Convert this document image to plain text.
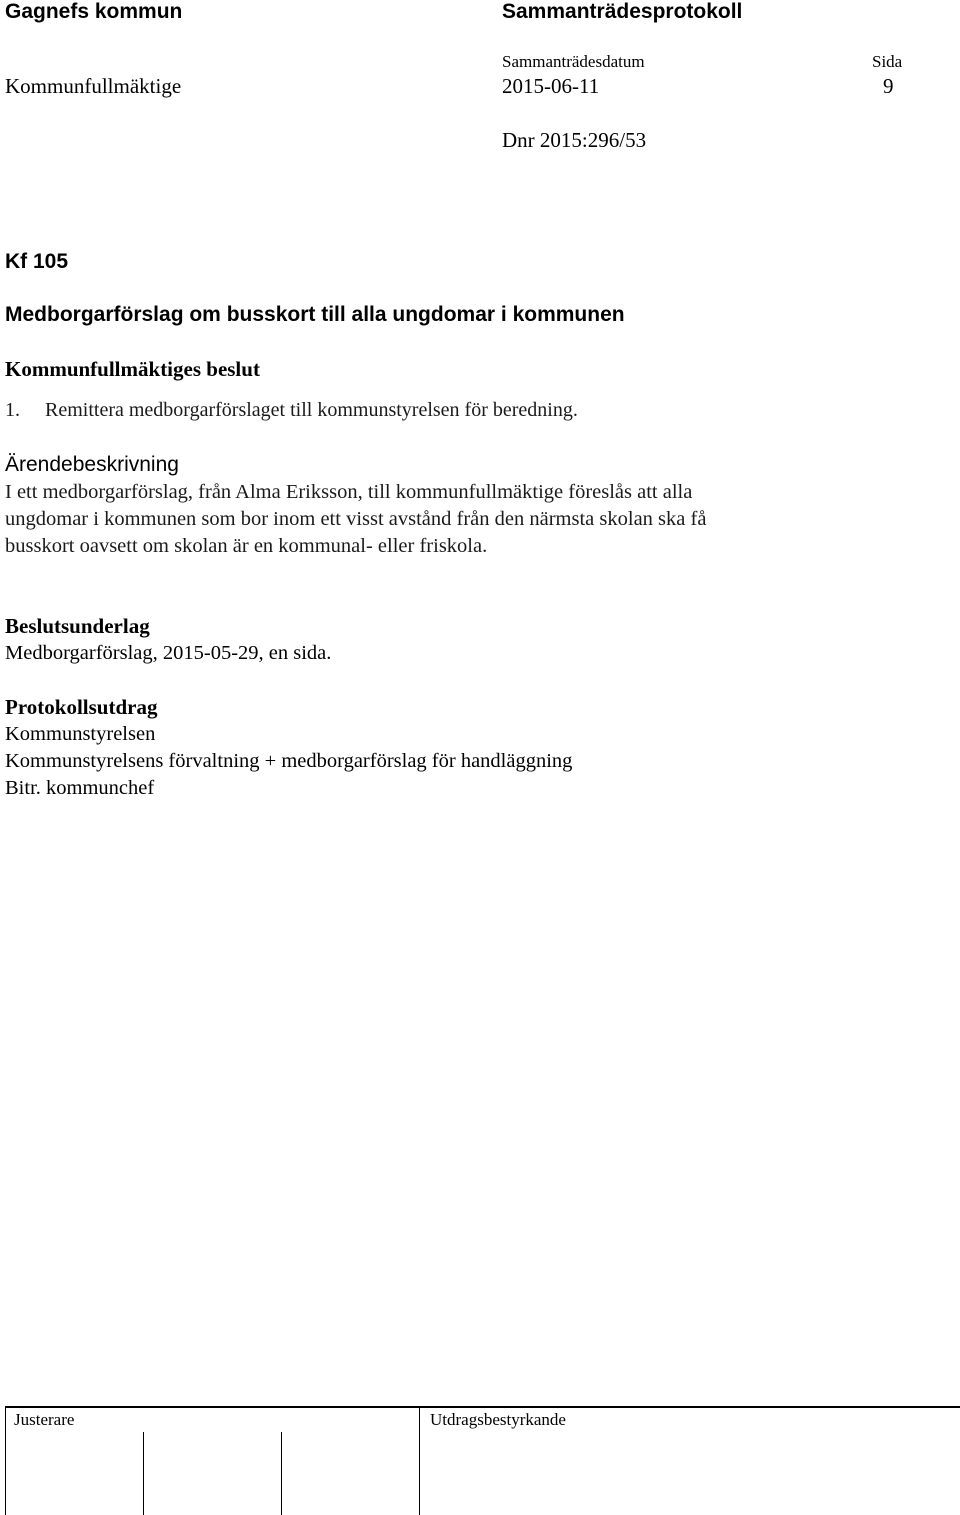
Gagnefs kommun	Sammanträdesprotokoll
Sammanträdesdatum	Sida
Kommunfullmäktige	2015-06-11	9
Dnr 2015:296/53
Kf 105
Medborgarförslag om busskort till alla ungdomar i kommunen
Kommunfullmäktiges beslut
1. Remittera medborgarförslaget till kommunstyrelsen för beredning.
Ärendebeskrivning
I ett medborgarförslag, från Alma Eriksson, till kommunfullmäktige föreslås att alla ungdomar i kommunen som bor inom ett visst avstånd från den närmsta skolan ska få busskort oavsett om skolan är en kommunal- eller friskola.
Beslutsunderlag
Medborgarförslag, 2015-05-29, en sida.
Protokollsutdrag
Kommunstyrelsen
Kommunstyrelsens förvaltning + medborgarförslag för handläggning
Bitr. kommunchef
Justerare	Utdragsbestyrkande
